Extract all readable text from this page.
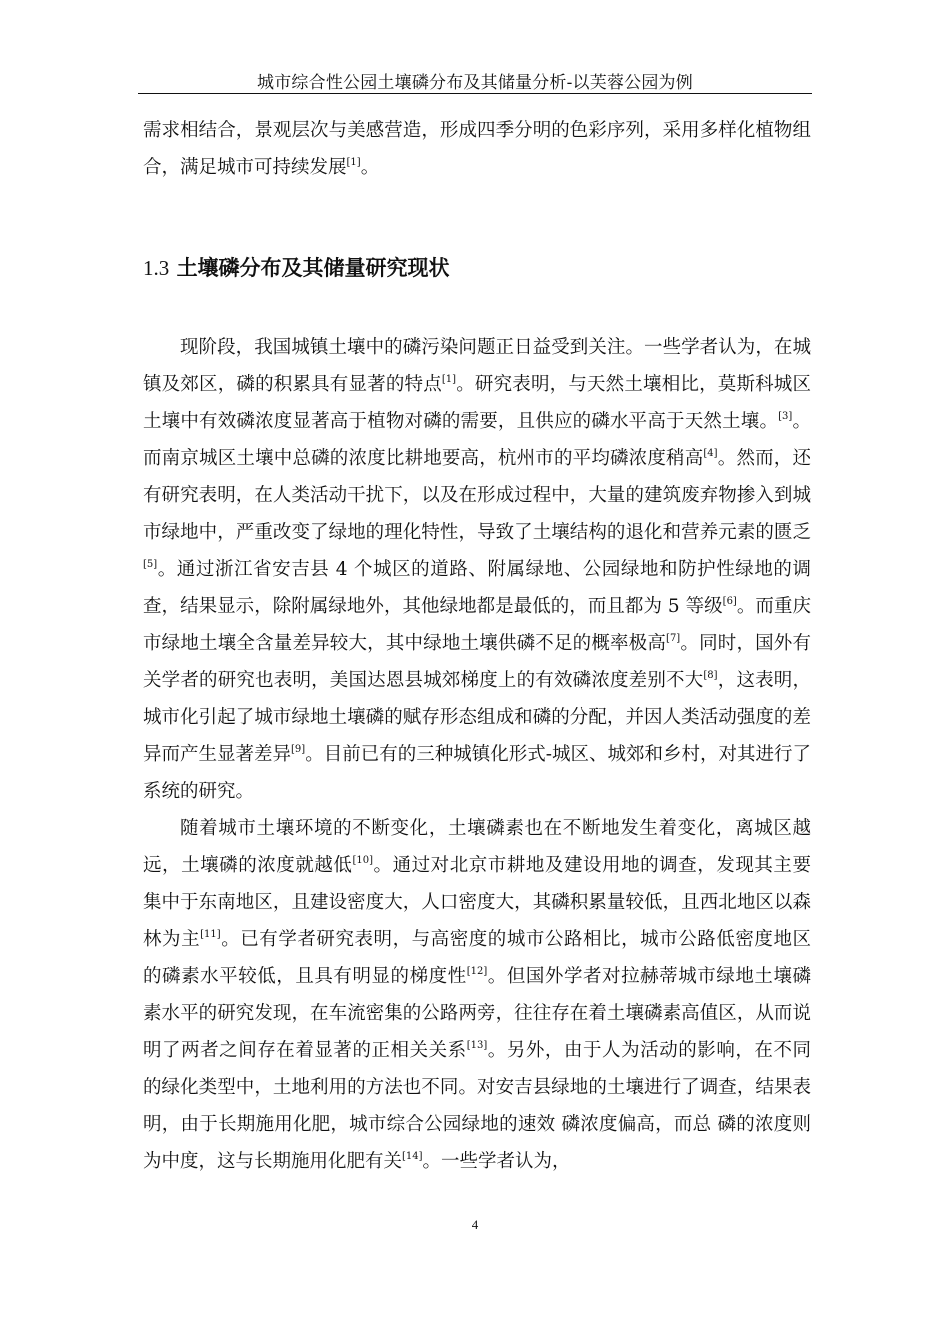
城市综合性公园土壤磷分布及其储量分析-以芙蓉公园为例

需求相结合，景观层次与美感营造，形成四季分明的色彩序列，采用多样化植物组合，满足城市可持续发展[1]。

1.3 土壤磷分布及其储量研究现状

现阶段，我国城镇土壤中的磷污染问题正日益受到关注。一些学者认为，在城镇及郊区，磷的积累具有显著的特点[1]。研究表明，与天然土壤相比，莫斯科城区土壤中有效磷浓度显著高于植物对磷的需要，且供应的磷水平高于天然土壤。[3]。而南京城区土壤中总磷的浓度比耕地要高，杭州市的平均磷浓度稍高[4]。然而，还有研究表明，在人类活动干扰下，以及在形成过程中，大量的建筑废弃物掺入到城市绿地中，严重改变了绿地的理化特性，导致了土壤结构的退化和营养元素的匮乏[5]。通过浙江省安吉县 4 个城区的道路、附属绿地、公园绿地和防护性绿地的调查，结果显示，除附属绿地外，其他绿地都是最低的，而且都为 5 等级[6]。而重庆市绿地土壤全含量差异较大，其中绿地土壤供磷不足的概率极高[7]。同时，国外有关学者的研究也表明，美国达恩县城郊梯度上的有效磷浓度差别不大[8]，这表明，城市化引起了城市绿地土壤磷的赋存形态组成和磷的分配，并因人类活动强度的差异而产生显著差异[9]。目前已有的三种城镇化形式-城区、城郊和乡村，对其进行了系统的研究。

随着城市土壤环境的不断变化，土壤磷素也在不断地发生着变化，离城区越远，土壤磷的浓度就越低[10]。通过对北京市耕地及建设用地的调查，发现其主要集中于东南地区，且建设密度大，人口密度大，其磷积累量较低，且西北地区以森林为主[11]。已有学者研究表明，与高密度的城市公路相比，城市公路低密度地区的磷素水平较低，且具有明显的梯度性[12]。但国外学者对拉赫蒂城市绿地土壤磷素水平的研究发现，在车流密集的公路两旁，往往存在着土壤磷素高值区，从而说明了两者之间存在着显著的正相关关系[13]。另外，由于人为活动的影响，在不同的绿化类型中，土地利用的方法也不同。对安吉县绿地的土壤进行了调查，结果表明，由于长期施用化肥，城市综合公园绿地的速效 磷浓度偏高，而总 磷的浓度则为中度，这与长期施用化肥有关[14]。一些学者认为，

4
